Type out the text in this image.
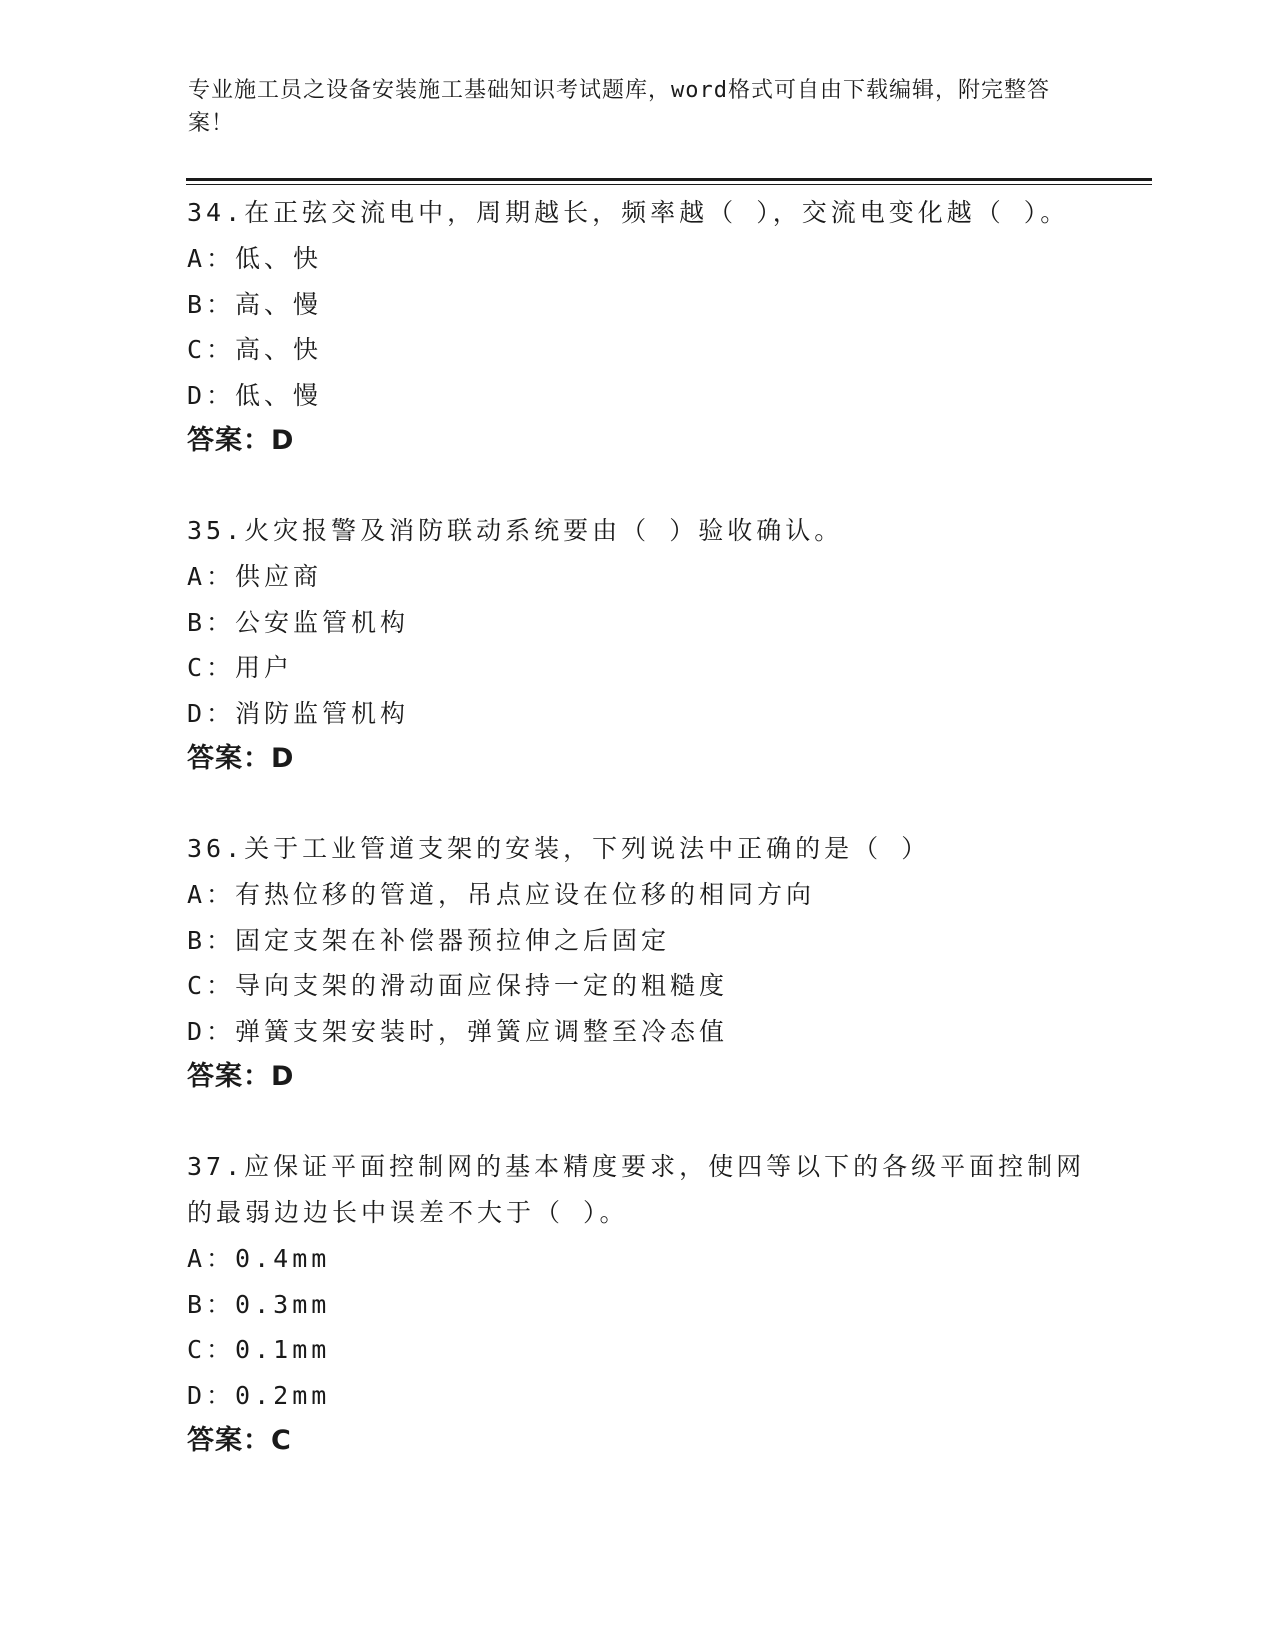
专业施工员之设备安装施工基础知识考试题库，word格式可自由下载编辑，附完整答案！
34.在正弦交流电中，周期越长，频率越（ ），交流电变化越（ ）。
A：低、快
B：高、慢
C：高、快
D：低、慢
答案：D
35.火灾报警及消防联动系统要由（ ）验收确认。
A：供应商
B：公安监管机构
C：用户
D：消防监管机构
答案：D
36.关于工业管道支架的安装，下列说法中正确的是（ ）
A：有热位移的管道，吊点应设在位移的相同方向
B：固定支架在补偿器预拉伸之后固定
C：导向支架的滑动面应保持一定的粗糙度
D：弹簧支架安装时，弹簧应调整至冷态值
答案：D
37.应保证平面控制网的基本精度要求，使四等以下的各级平面控制网的最弱边边长中误差不大于（ ）。
A：0.4mm
B：0.3mm
C：0.1mm
D：0.2mm
答案：C
